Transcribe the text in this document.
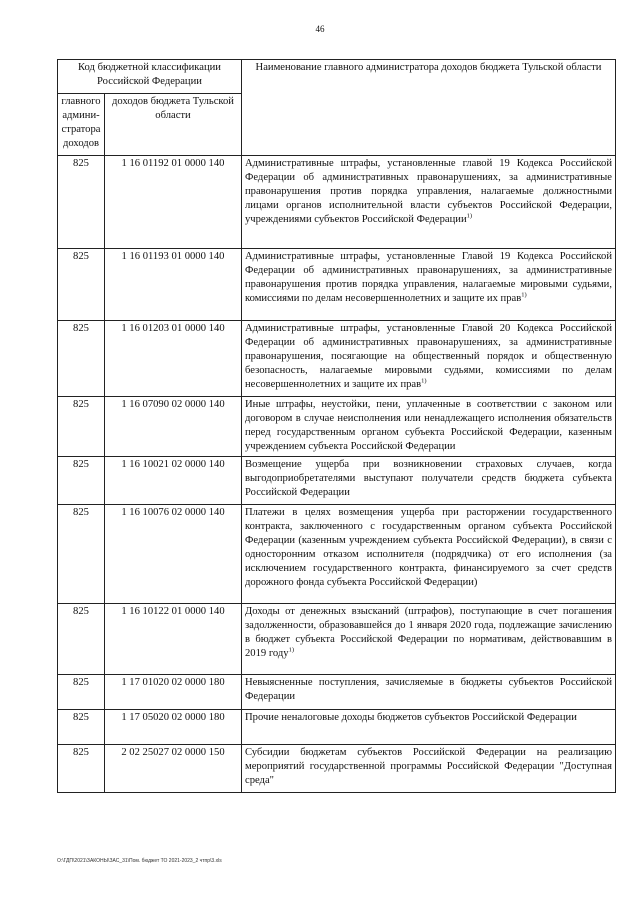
46
Код бюджетной классификации Российской Федерации		Наименование главного администратора доходов бюджета Тульской области
главного админи-стратора доходов	доходов бюджета Тульской области	
825	1 16 01192 01 0000 140	Административные штрафы, установленные главой 19 Кодекса Российской Федерации об административных правонарушениях, за административные правонарушения против порядка управления, налагаемые должностными лицами органов исполнительной власти субъектов Российской Федерации, учреждениями субъектов Российской Федерации$^{1)}$
825	1 16 01193 01 0000 140	Административные штрафы, установленные Главой 19 Кодекса Российской Федерации об административных правонарушениях, за административные правонарушения против порядка управления, налагаемые мировыми судьями, комиссиями по делам несовершеннолетних и защите их прав$^{1)}$
825	1 16 01203 01 0000 140	Административные штрафы, установленные Главой 20 Кодекса Российской Федерации об административных правонарушениях, за административные правонарушения, посягающие на общественный порядок и общественную безопасность, налагаемые мировыми судьями, комиссиями по делам несовершеннолетних и защите их прав$^{1)}$
825	1 16 07090 02 0000 140	Иные штрафы, неустойки, пени, уплаченные в соответствии с законом или договором в случае неисполнения или ненадлежащего исполнения обязательств перед государственным органом субъекта Российской Федерации, казенным учреждением субъекта Российской Федерации
825	1 16 10021 02 0000 140	Возмещение ущерба при возникновении страховых случаев, когда выгодоприобретателями выступают получатели средств бюджета субъекта Российской Федерации
825	1 16 10076 02 0000 140	Платежи в целях возмещения ущерба при расторжении государственного контракта, заключенного с государственным органом субъекта Российской Федерации (казенным учреждением субъекта Российской Федерации), в связи с односторонним отказом исполнителя (подрядчика) от его исполнения (за исключением государственного контракта, финансируемого за счет средств дорожного фонда субъекта Российской Федерации)
825	1 16 10122 01 0000 140	Доходы от денежных взысканий (штрафов), поступающие в счет погашения задолженности, образовавшейся до 1 января 2020 года, подлежащие зачислению в бюджет субъекта Российской Федерации по нормативам, действовавшим в 2019 году$^{1)}$
825	1 17 01020 02 0000 180	Невыясненные поступления, зачисляемые в бюджеты субъектов Российской Федерации
825	1 17 05020 02 0000 180	Прочие неналоговые доходы бюджетов субъектов Российской Федерации
825	2 02 25027 02 0000 150	Субсидии бюджетам субъектов Российской Федерации на реализацию мероприятий государственной программы Российской Федерации "Доступная среда"
O:\ГДП\2021\ЗАКОНЫ\ЗАС_31\Пом. бюджет ТО 2021-2023_2 чтпр\3.xls
